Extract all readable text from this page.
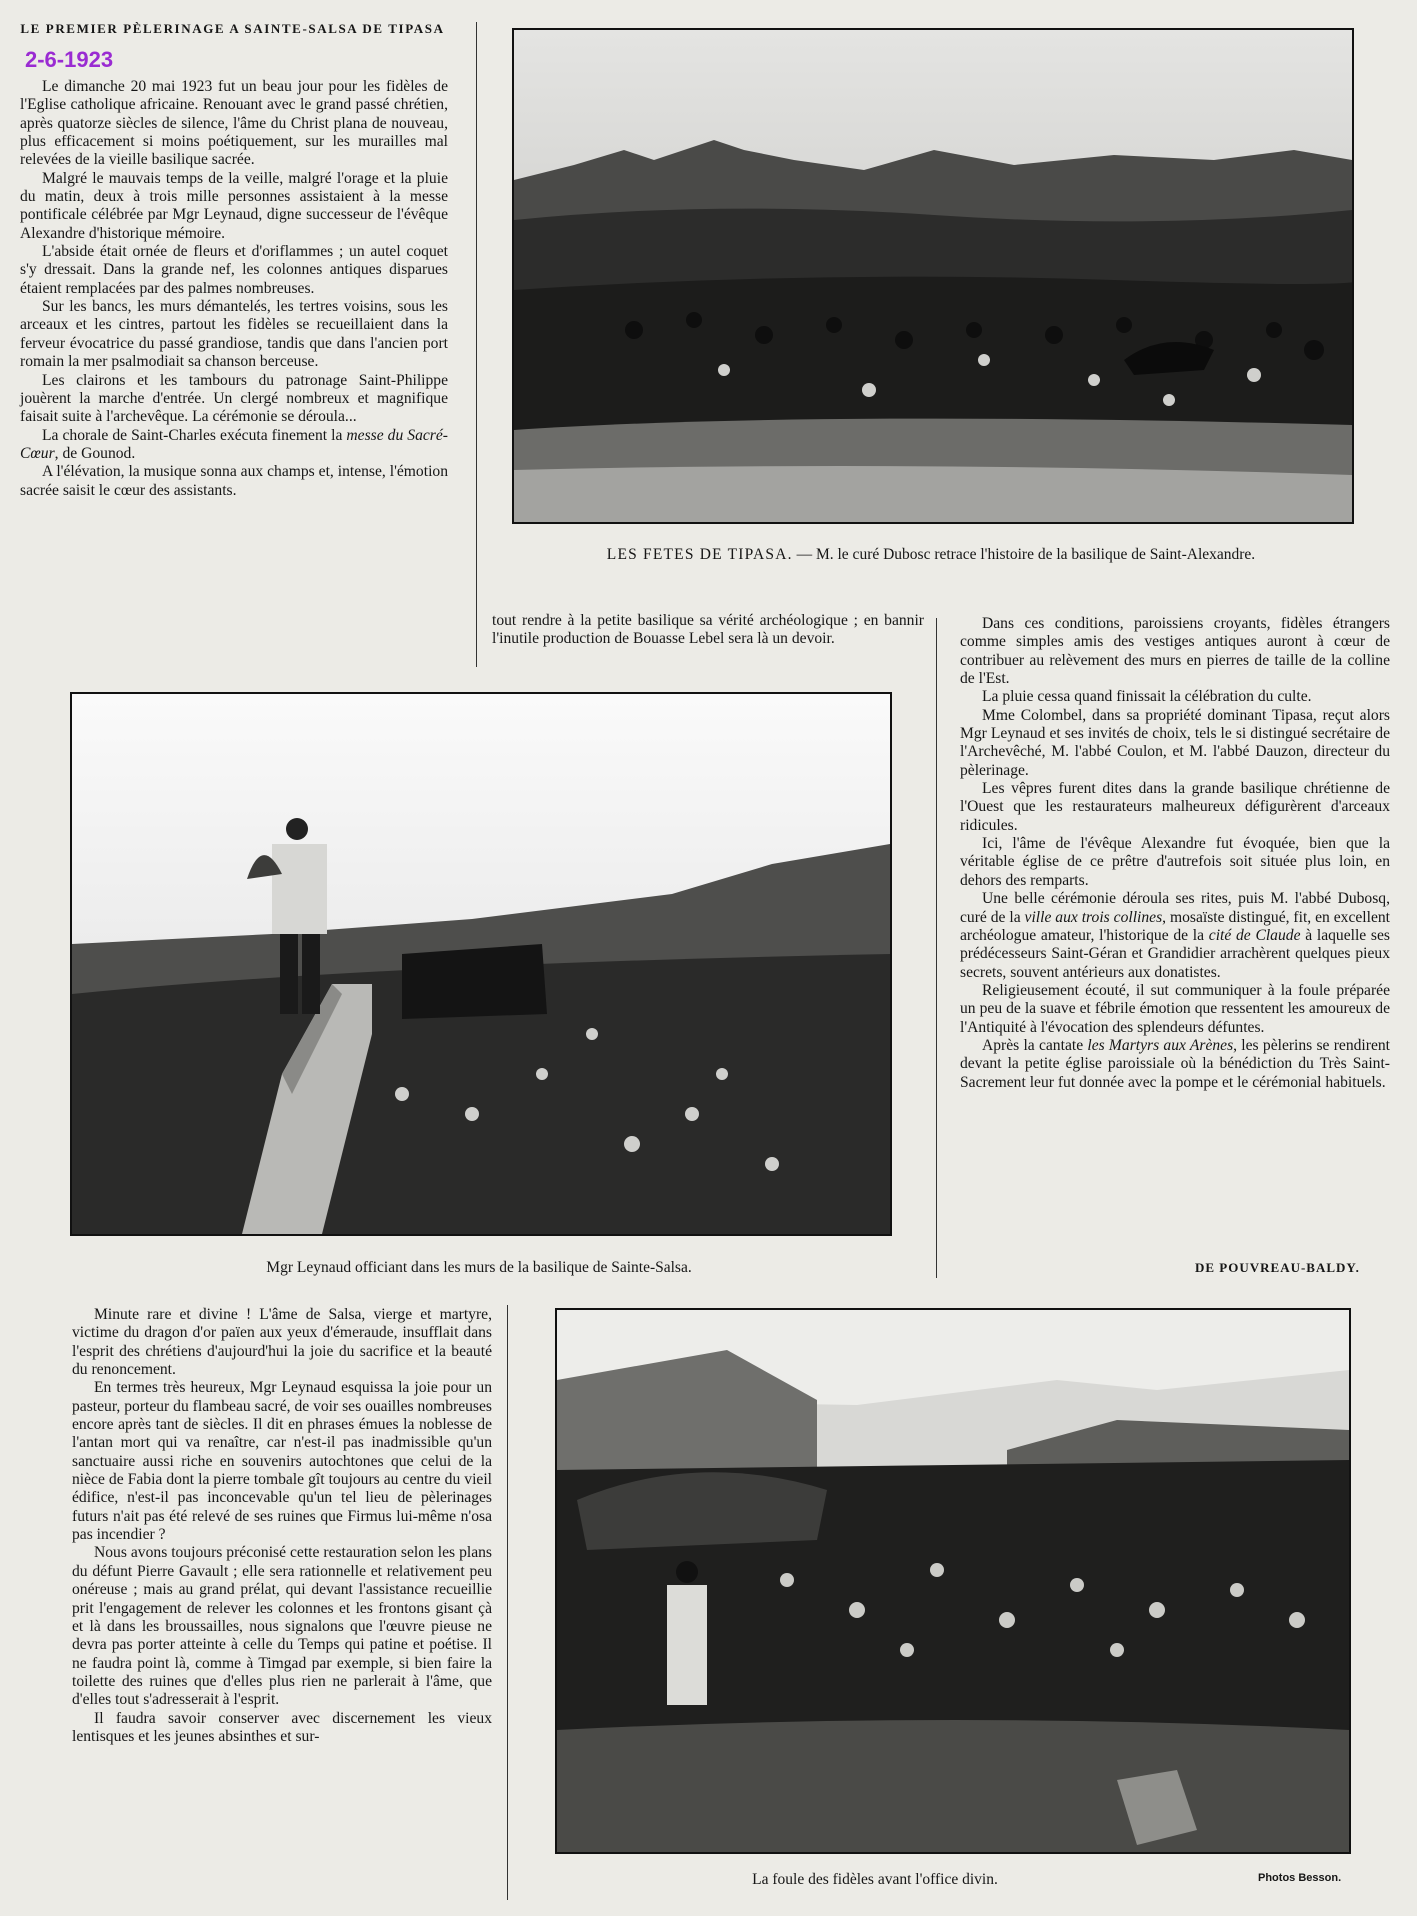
LE PREMIER PÈLERINAGE A SAINTE-SALSA DE TIPASA
2-6-1923

Le dimanche 20 mai 1923 fut un beau jour pour les fidèles de l'Eglise catholique africaine. Renouant avec le grand passé chrétien, après quatorze siècles de silence, l'âme du Christ plana de nouveau, plus efficacement si moins poétiquement, sur les murailles mal relevées de la vieille basilique sacrée.

Malgré le mauvais temps de la veille, malgré l'orage et la pluie du matin, deux à trois mille personnes assistaient à la messe pontificale célébrée par Mgr Leynaud, digne successeur de l'évêque Alexandre d'historique mémoire.

L'abside était ornée de fleurs et d'oriflammes ; un autel coquet s'y dressait. Dans la grande nef, les colonnes antiques disparues étaient remplacées par des palmes nombreuses.

Sur les bancs, les murs démantelés, les tertres voisins, sous les arceaux et les cintres, partout les fidèles se recueillaient dans la ferveur évocatrice du passé grandiose, tandis que dans l'ancien port romain la mer psalmodiait sa chanson berceuse.

Les clairons et les tambours du patronage Saint-Philippe jouèrent la marche d'entrée. Un clergé nombreux et magnifique faisait suite à l'archevêque. La cérémonie se déroula...

La chorale de Saint-Charles exécuta finement la messe du Sacré-Cœur, de Gounod.

A l'élévation, la musique sonna aux champs et, intense, l'émotion sacrée saisit le cœur des assistants.

LES FETES DE TIPASA. — M. le curé Dubosc retrace l'histoire de la basilique de Saint-Alexandre.

tout rendre à la petite basilique sa vérité archéologique ; en bannir l'inutile production de Bouasse Lebel sera là un devoir.

Dans ces conditions, paroissiens croyants, fidèles étrangers comme simples amis des vestiges antiques auront à cœur de contribuer au relèvement des murs en pierres de taille de la colline de l'Est.

La pluie cessa quand finissait la célébration du culte.

Mme Colombel, dans sa propriété dominant Tipasa, reçut alors Mgr Leynaud et ses invités de choix, tels le si distingué secrétaire de l'Archevêché, M. l'abbé Coulon, et M. l'abbé Dauzon, directeur du pèlerinage.

Les vêpres furent dites dans la grande basilique chrétienne de l'Ouest que les restaurateurs malheureux défigurèrent d'arceaux ridicules.

Ici, l'âme de l'évêque Alexandre fut évoquée, bien que la véritable église de ce prêtre d'autrefois soit située plus loin, en dehors des remparts.

Une belle cérémonie déroula ses rites, puis M. l'abbé Dubosq, curé de la ville aux trois collines, mosaïste distingué, fit, en excellent archéologue amateur, l'historique de la cité de Claude à laquelle ses prédécesseurs Saint-Géran et Grandidier arrachèrent quelques pieux secrets, souvent antérieurs aux donatistes.

Religieusement écouté, il sut communiquer à la foule préparée un peu de la suave et fébrile émotion que ressentent les amoureux de l'Antiquité à l'évocation des splendeurs défuntes.

Après la cantate les Martyrs aux Arènes, les pèlerins se rendirent devant la petite église paroissiale où la bénédiction du Très Saint-Sacrement leur fut donnée avec la pompe et le cérémonial habituels.

DE POUVREAU-BALDY.
Mgr Leynaud officiant dans les murs de la basilique de Sainte-Salsa.

Minute rare et divine ! L'âme de Salsa, vierge et martyre, victime du dragon d'or païen aux yeux d'émeraude, insufflait dans l'esprit des chrétiens d'aujourd'hui la joie du sacrifice et la beauté du renoncement.

En termes très heureux, Mgr Leynaud esquissa la joie pour un pasteur, porteur du flambeau sacré, de voir ses ouailles nombreuses encore après tant de siècles. Il dit en phrases émues la noblesse de l'antan mort qui va renaître, car n'est-il pas inadmissible qu'un sanctuaire aussi riche en souvenirs autochtones que celui de la nièce de Fabia dont la pierre tombale gît toujours au centre du vieil édifice, n'est-il pas inconcevable qu'un tel lieu de pèlerinages futurs n'ait pas été relevé de ses ruines que Firmus lui-même n'osa pas incendier ?

Nous avons toujours préconisé cette restauration selon les plans du défunt Pierre Gavault ; elle sera rationnelle et relativement peu onéreuse ; mais au grand prélat, qui devant l'assistance recueillie prit l'engagement de relever les colonnes et les frontons gisant çà et là dans les broussailles, nous signalons que l'œuvre pieuse ne devra pas porter atteinte à celle du Temps qui patine et poétise. Il ne faudra point là, comme à Timgad par exemple, si bien faire la toilette des ruines que d'elles plus rien ne parlerait à l'âme, que d'elles tout s'adresserait à l'esprit.

Il faudra savoir conserver avec discernement les vieux lentisques et les jeunes absinthes et sur-

La foule des fidèles avant l'office divin.	Photos Besson.
